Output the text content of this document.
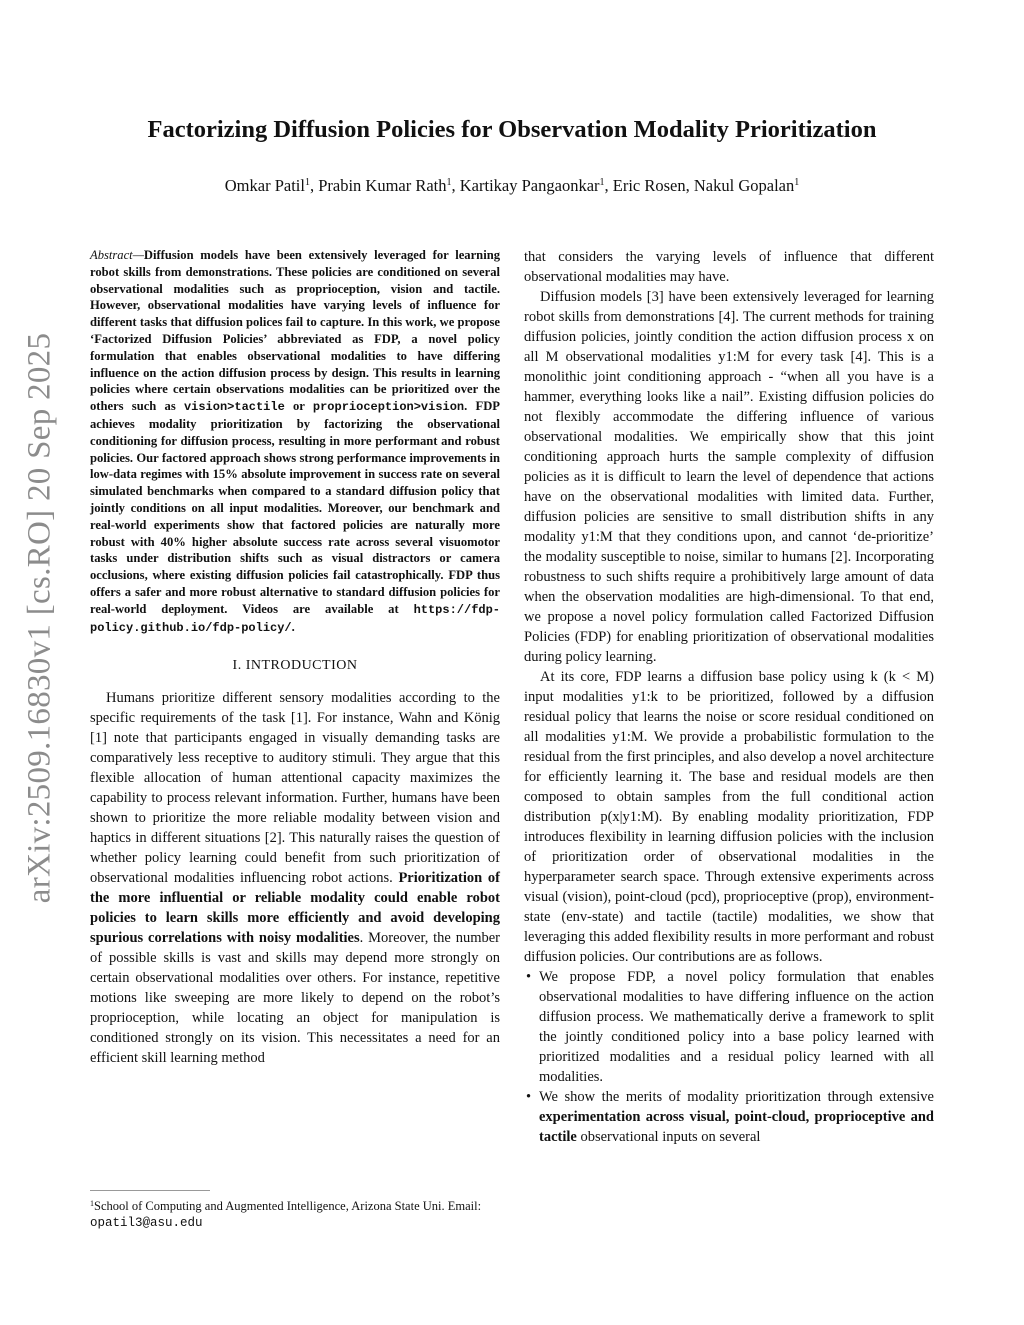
arXiv:2509.16830v1 [cs.RO] 20 Sep 2025
Factorizing Diffusion Policies for Observation Modality Prioritization
Omkar Patil$^1$, Prabin Kumar Rath$^1$, Kartikay Pangaonkar$^1$, Eric Rosen, Nakul Gopalan$^1$

Abstract—Diffusion models have been extensively leveraged for learning robot skills from demonstrations. These policies are conditioned on several observational modalities such as proprioception, vision and tactile. However, observational modalities have varying levels of influence for different tasks that diffusion polices fail to capture. In this work, we propose ‘Factorized Diffusion Policies’ abbreviated as FDP, a novel policy formulation that enables observational modalities to have differing influence on the action diffusion process by design. This results in learning policies where certain observations modalities can be prioritized over the others such as vision>tactile or proprioception>vision. FDP achieves modality prioritization by factorizing the observational conditioning for diffusion process, resulting in more performant and robust policies. Our factored approach shows strong performance improvements in low-data regimes with 15% absolute improvement in success rate on several simulated benchmarks when compared to a standard diffusion policy that jointly conditions on all input modalities. Moreover, our benchmark and real-world experiments show that factored policies are naturally more robust with 40% higher absolute success rate across several visuomotor tasks under distribution shifts such as visual distractors or camera occlusions, where existing diffusion policies fail catastrophically. FDP thus offers a safer and more robust alternative to standard diffusion policies for real-world deployment. Videos are available at https://fdp-policy.github.io/fdp-policy/.

I. INTRODUCTION

Humans prioritize different sensory modalities according to the specific requirements of the task [1]. For instance, Wahn and König [1] note that participants engaged in visually demanding tasks are comparatively less receptive to auditory stimuli. They argue that this flexible allocation of human attentional capacity maximizes the capability to process relevant information. Further, humans have been shown to prioritize the more reliable modality between vision and haptics in different situations [2]. This naturally raises the question of whether policy learning could benefit from such prioritization of observational modalities influencing robot actions. Prioritization of the more influential or reliable modality could enable robot policies to learn skills more efficiently and avoid developing spurious correlations with noisy modalities. Moreover, the number of possible skills is vast and skills may depend more strongly on certain observational modalities over others. For instance, repetitive motions like sweeping are more likely to depend on the robot’s proprioception, while locating an object for manipulation is conditioned strongly on its vision. This necessitates a need for an efficient skill learning method

$^1$School of Computing and Augmented Intelligence, Arizona State Uni. Email: opatil3@asu.edu

that considers the varying levels of influence that different observational modalities may have.

Diffusion models [3] have been extensively leveraged for learning robot skills from demonstrations [4]. The current methods for training diffusion policies, jointly condition the action diffusion process x on all M observational modalities y1:M for every task [4]. This is a monolithic joint conditioning approach - “when all you have is a hammer, everything looks like a nail”. Existing diffusion policies do not flexibly accommodate the differing influence of various observational modalities. We empirically show that this joint conditioning approach hurts the sample complexity of diffusion policies as it is difficult to learn the level of dependence that actions have on the observational modalities with limited data. Further, diffusion policies are sensitive to small distribution shifts in any modality y1:M that they conditions upon, and cannot ‘de-prioritize’ the modality susceptible to noise, similar to humans [2]. Incorporating robustness to such shifts require a prohibitively large amount of data when the observation modalities are high-dimensional. To that end, we propose a novel policy formulation called Factorized Diffusion Policies (FDP) for enabling prioritization of observational modalities during policy learning.

At its core, FDP learns a diffusion base policy using k (k < M) input modalities y1:k to be prioritized, followed by a diffusion residual policy that learns the noise or score residual conditioned on all modalities y1:M. We provide a probabilistic formulation to the residual from the first principles, and also develop a novel architecture for efficiently learning it. The base and residual models are then composed to obtain samples from the full conditional action distribution p(x|y1:M). By enabling modality prioritization, FDP introduces flexibility in learning diffusion policies with the inclusion of prioritization order of observational modalities in the hyperparameter search space. Through extensive experiments across visual (vision), point-cloud (pcd), proprioceptive (prop), environment-state (env-state) and tactile (tactile) modalities, we show that leveraging this added flexibility results in more performant and robust diffusion policies. Our contributions are as follows.

• We propose FDP, a novel policy formulation that enables observational modalities to have differing influence on the action diffusion process. We mathematically derive a framework to split the jointly conditioned policy into a base policy learned with prioritized modalities and a residual policy learned with all modalities.
• We show the merits of modality prioritization through extensive experimentation across visual, point-cloud, proprioceptive and tactile observational inputs on several
